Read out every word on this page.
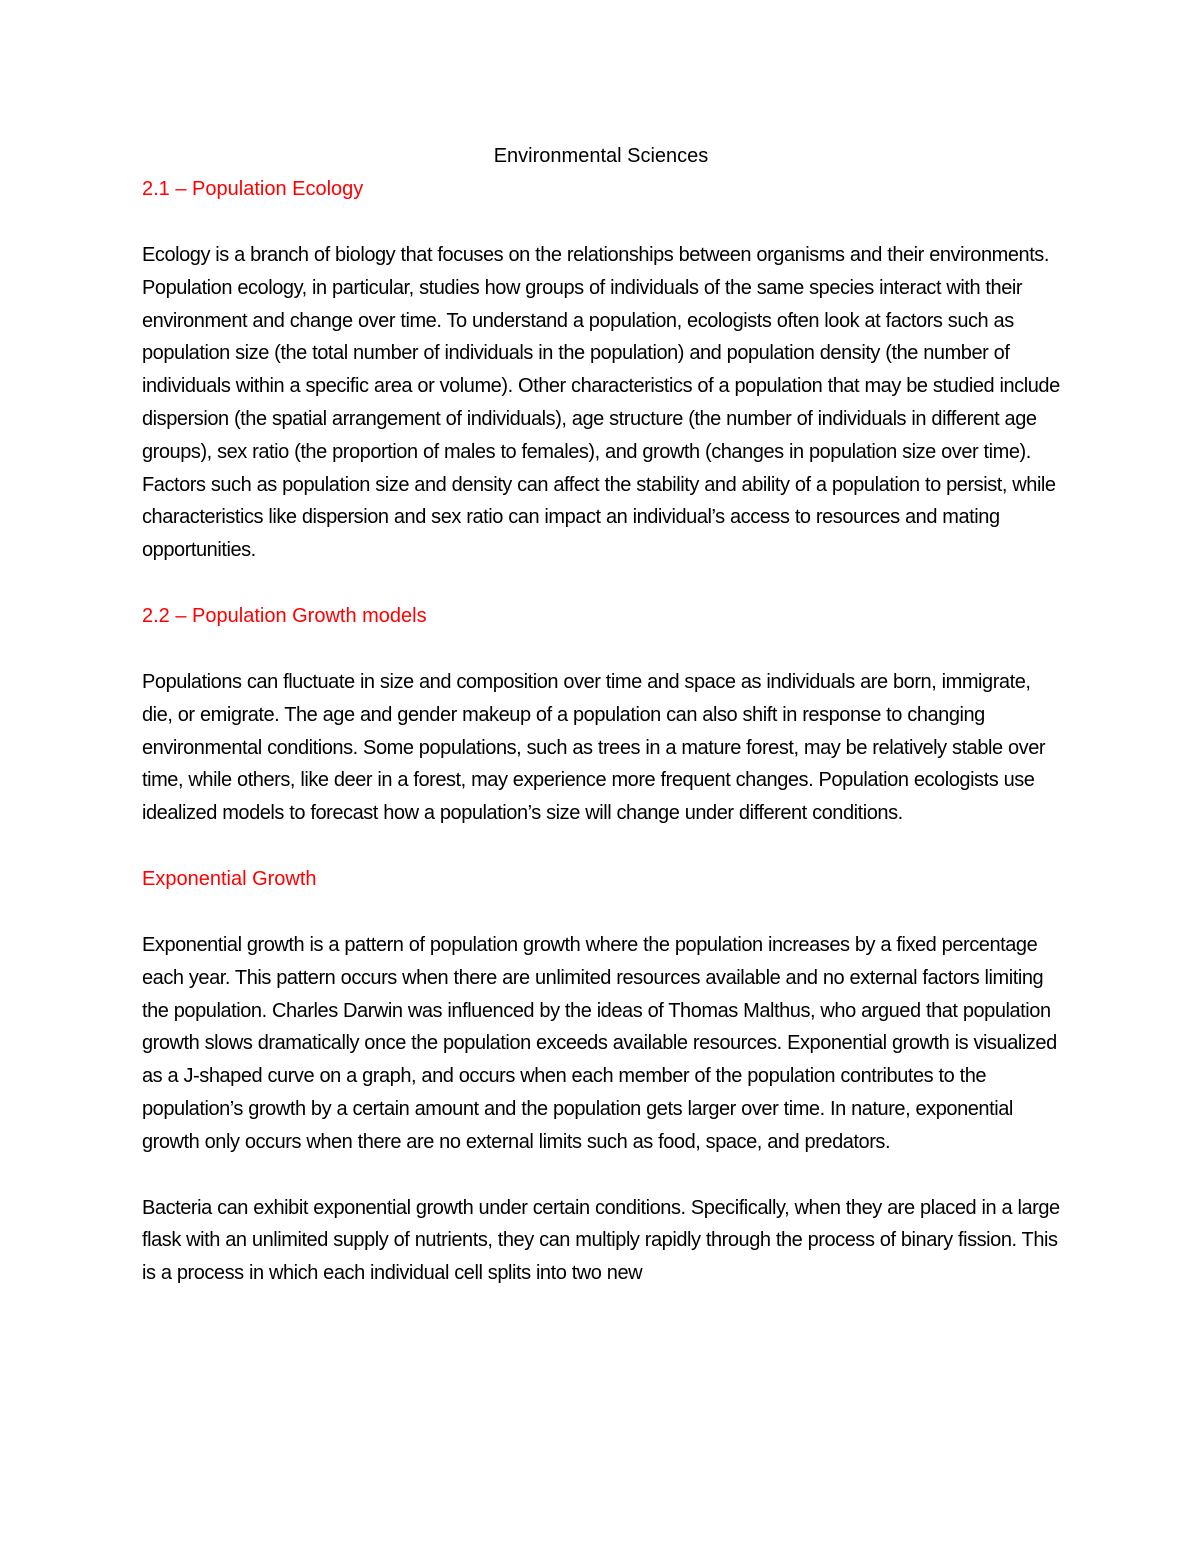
Environmental Sciences
2.1 – Population Ecology

Ecology is a branch of biology that focuses on the relationships between organisms and their environments. Population ecology, in particular, studies how groups of individuals of the same species interact with their environment and change over time. To understand a population, ecologists often look at factors such as population size (the total number of individuals in the population) and population density (the number of individuals within a specific area or volume). Other characteristics of a population that may be studied include dispersion (the spatial arrangement of individuals), age structure (the number of individuals in different age groups), sex ratio (the proportion of males to females), and growth (changes in population size over time). Factors such as population size and density can affect the stability and ability of a population to persist, while characteristics like dispersion and sex ratio can impact an individual’s access to resources and mating opportunities.

2.2 – Population Growth models

Populations can fluctuate in size and composition over time and space as individuals are born, immigrate, die, or emigrate. The age and gender makeup of a population can also shift in response to changing environmental conditions. Some populations, such as trees in a mature forest, may be relatively stable over time, while others, like deer in a forest, may experience more frequent changes. Population ecologists use idealized models to forecast how a population’s size will change under different conditions.

Exponential Growth

Exponential growth is a pattern of population growth where the population increases by a fixed percentage each year. This pattern occurs when there are unlimited resources available and no external factors limiting the population. Charles Darwin was influenced by the ideas of Thomas Malthus, who argued that population growth slows dramatically once the population exceeds available resources. Exponential growth is visualized as a J-shaped curve on a graph, and occurs when each member of the population contributes to the population’s growth by a certain amount and the population gets larger over time. In nature, exponential growth only occurs when there are no external limits such as food, space, and predators.

Bacteria can exhibit exponential growth under certain conditions. Specifically, when they are placed in a large flask with an unlimited supply of nutrients, they can multiply rapidly through the process of binary fission. This is a process in which each individual cell splits into two new
